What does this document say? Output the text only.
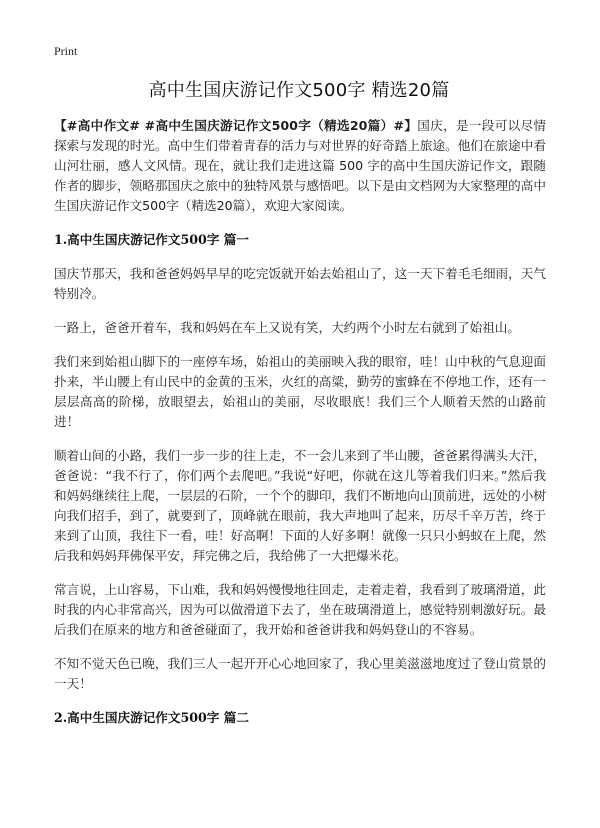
Print
高中生国庆游记作文500字 精选20篇

【#高中作文# #高中生国庆游记作文500字（精选20篇）#】国庆，是一段可以尽情探索与发现的时光。高中生们带着青春的活力与对世界的好奇踏上旅途。他们在旅途中看山河壮丽，感人文风情。现在，就让我们走进这篇 500 字的高中生国庆游记作文，跟随作者的脚步，领略那国庆之旅中的独特风景与感悟吧。以下是由文档网为大家整理的高中生国庆游记作文500字（精选20篇），欢迎大家阅读。

1.高中生国庆游记作文500字 篇一

国庆节那天，我和爸爸妈妈早早的吃完饭就开始去始祖山了，这一天下着毛毛细雨，天气特别冷。

一路上，爸爸开着车，我和妈妈在车上又说有笑，大约两个小时左右就到了始祖山。

我们来到始祖山脚下的一座停车场，始祖山的美丽映入我的眼帘，哇！山中秋的气息迎面扑来，半山腰上有山民中的金黄的玉米，火红的高粱，勤劳的蜜蜂在不停地工作，还有一层层高高的阶梯，放眼望去，始祖山的美丽，尽收眼底！我们三个人顺着天然的山路前进！

顺着山间的小路，我们一步一步的往上走，不一会儿来到了半山腰，爸爸累得满头大汗，爸爸说：“我不行了，你们两个去爬吧。”我说“好吧，你就在这儿等着我们归来。”然后我和妈妈继续往上爬，一层层的石阶，一个个的脚印，我们不断地向山顶前进，远处的小树向我们招手，到了，就要到了，顶峰就在眼前，我大声地叫了起来，历尽千辛万苦，终于来到了山顶，我往下一看，哇！好高啊！下面的人好多啊！就像一只只小蚂蚁在上爬，然后我和妈妈拜佛保平安，拜完佛之后，我给佛了一大把爆米花。

常言说，上山容易，下山难，我和妈妈慢慢地往回走，走着走着，我看到了玻璃滑道，此时我的内心非常高兴，因为可以做滑道下去了，坐在玻璃滑道上，感觉特别刺激好玩。最后我们在原来的地方和爸爸碰面了，我开始和爸爸讲我和妈妈登山的不容易。

不知不觉天色已晚，我们三人一起开开心心地回家了，我心里美滋滋地度过了登山赏景的一天！

2.高中生国庆游记作文500字 篇二
